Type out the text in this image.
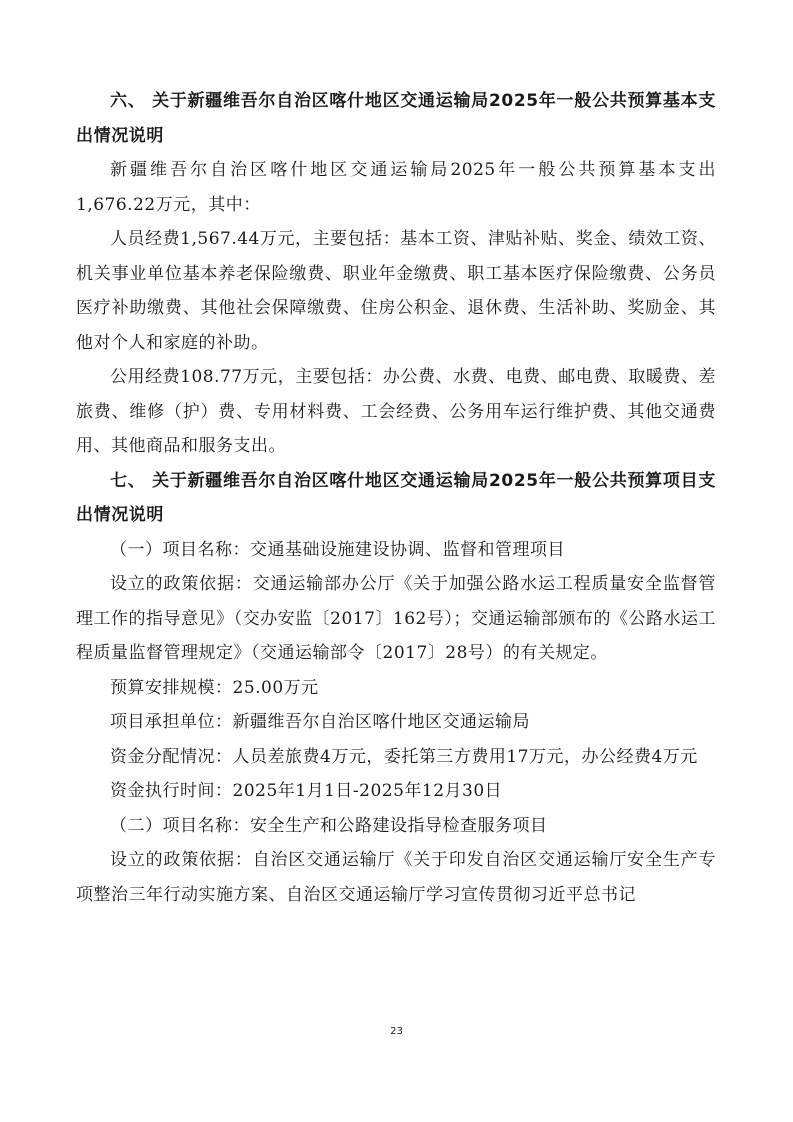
六、 关于新疆维吾尔自治区喀什地区交通运输局2025年一般公共预算基本支出情况说明

新疆维吾尔自治区喀什地区交通运输局2025年一般公共预算基本支出1,676.22万元，其中：

人员经费1,567.44万元，主要包括：基本工资、津贴补贴、奖金、绩效工资、机关事业单位基本养老保险缴费、职业年金缴费、职工基本医疗保险缴费、公务员医疗补助缴费、其他社会保障缴费、住房公积金、退休费、生活补助、奖励金、其他对个人和家庭的补助。

公用经费108.77万元，主要包括：办公费、水费、电费、邮电费、取暖费、差旅费、维修（护）费、专用材料费、工会经费、公务用车运行维护费、其他交通费用、其他商品和服务支出。

七、 关于新疆维吾尔自治区喀什地区交通运输局2025年一般公共预算项目支出情况说明

（一）项目名称：交通基础设施建设协调、监督和管理项目

设立的政策依据：交通运输部办公厅《关于加强公路水运工程质量安全监督管理工作的指导意见》（交办安监〔2017〕162号）；交通运输部颁布的《公路水运工程质量监督管理规定》（交通运输部令〔2017〕28号）的有关规定。

预算安排规模：25.00万元

项目承担单位：新疆维吾尔自治区喀什地区交通运输局

资金分配情况：人员差旅费4万元，委托第三方费用17万元，办公经费4万元

资金执行时间：2025年1月1日-2025年12月30日

（二）项目名称：安全生产和公路建设指导检查服务项目

设立的政策依据：自治区交通运输厅《关于印发自治区交通运输厅安全生产专项整治三年行动实施方案、自治区交通运输厅学习宣传贯彻习近平总书记

23
